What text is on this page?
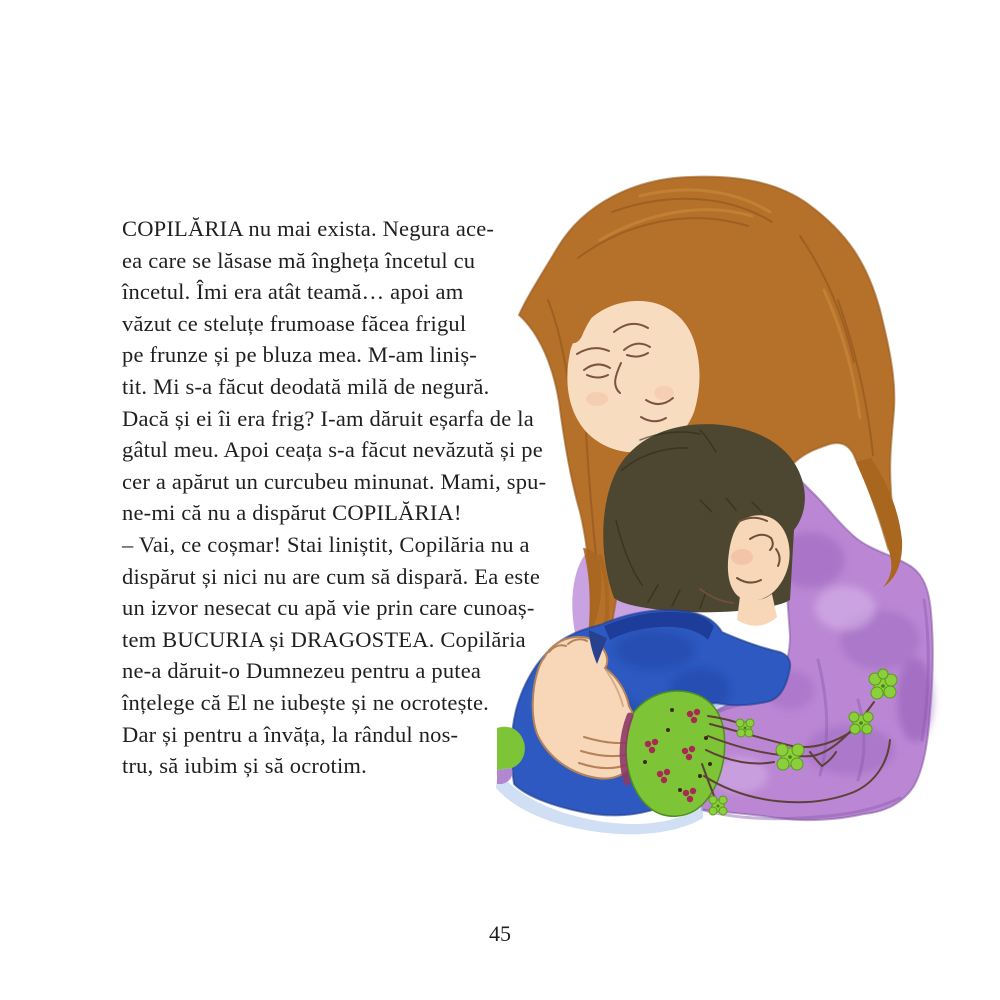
COPILĂRIA nu mai exista. Negura ace-
ea care se lăsase mă îngheța încetul cu
încetul. Îmi era atât teamă… apoi am
văzut ce steluțe frumoase făcea frigul
pe frunze și pe bluza mea. M-am liniș-
tit. Mi s-a făcut deodată milă de negură.
Dacă și ei îi era frig? I-am dăruit eșarfa de la
gâtul meu. Apoi ceața s-a făcut nevăzută și pe
cer a apărut un curcubeu minunat. Mami, spu-
ne-mi că nu a dispărut COPILĂRIA!
– Vai, ce coșmar! Stai liniștit, Copilăria nu a
dispărut și nici nu are cum să dispară. Ea este
un izvor nesecat cu apă vie prin care cunoaș-
tem BUCURIA și DRAGOSTEA. Copilăria
ne-a dăruit-o Dumnezeu pentru a putea
înțelege că El ne iubește și ne ocrotește.
Dar și pentru a învăța, la rândul nos-
tru, să iubim și să ocrotim.
45
